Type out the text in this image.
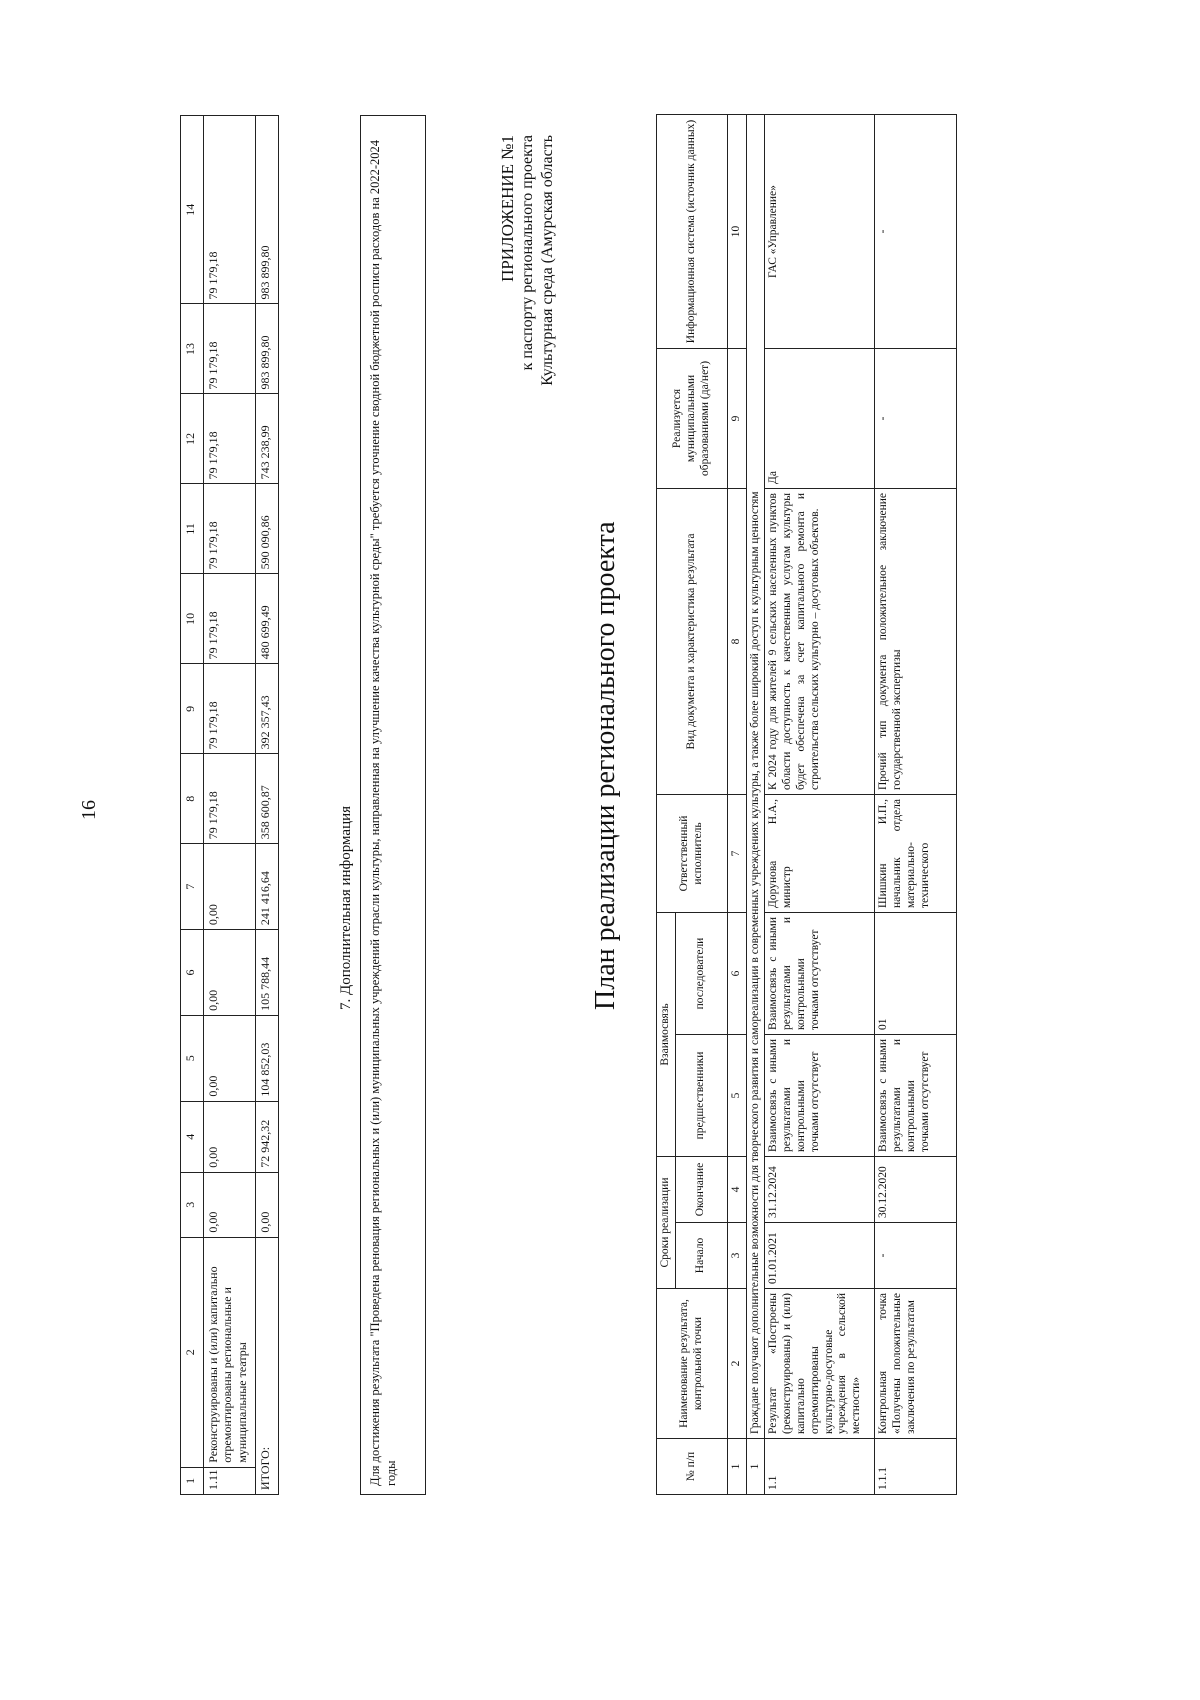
16
1	2	3	4	5	6	7	8	9	10	11	12	13	14
1.11	Реконструированы и (или) капитально отремонтированы региональные и муниципальные театры	0,00	0,00	0,00	0,00	0,00	79 179,18	79 179,18	79 179,18	79 179,18	79 179,18	79 179,18	79 179,18
ИТОГО:		0,00	72 942,32	104 852,03	105 788,44	241 416,64	358 600,87	392 357,43	480 699,49	590 090,86	743 238,99	983 899,80	983 899,80
7. Дополнительная информация	Для достижения результата "Проведена реновация региональных и (или) муниципальных учреждений отрасли культуры, направленная на улучшение качества культурной среды" требуется уточнение сводной бюджетной росписи расходов на 2022-2024 годы
ПРИЛОЖЕНИЕ №1 к паспорту регионального проекта Культурная среда (Амурская область
План реализации регионального проекта
№ п/п	Наименование результата, контрольной точки	Сроки реализации		Взаимосвязь		Ответственный исполнитель	Вид документа и характеристика результата	Реализуется муниципальными образованиями (да/нет)	Информационная система (источник данных)
		Начало	Окончание	предшественники	последователи				
1	2	3	4	5	6	7	8	9	10
1	Граждане получают дополнительные возможности для творческого развития и самореализации в современных учреждениях культуры, а также более широкий доступ к культурным ценностям								
1.1	Результат «Построены (реконструированы) и (или) капитально отремонтированы культурно-досуговые учреждения в сельской местности»	01.01.2021	31.12.2024	Взаимосвязь с иными результатами и контрольными точками отсутствует	Взаимосвязь с иными результатами и контрольными точками отсутствует	Дорунова Н.А., министр	К 2024 году для жителей 9 сельских населенных пунктов области доступность к качественным услугам культуры будет обеспечена за счет капитального ремонта и строительства сельских культурно – досуговых объектов.	Да	ГАС «Управление»
1.1.1	Контрольная точка «Получены положительные заключения по результатам	-	30.12.2020	Взаимосвязь с иными результатами и контрольными точками отсутствует	01	Шишкин И.П., начальник отдела материально-технического	Прочий тип документа положительное заключение государственной экспертизы	-	-
